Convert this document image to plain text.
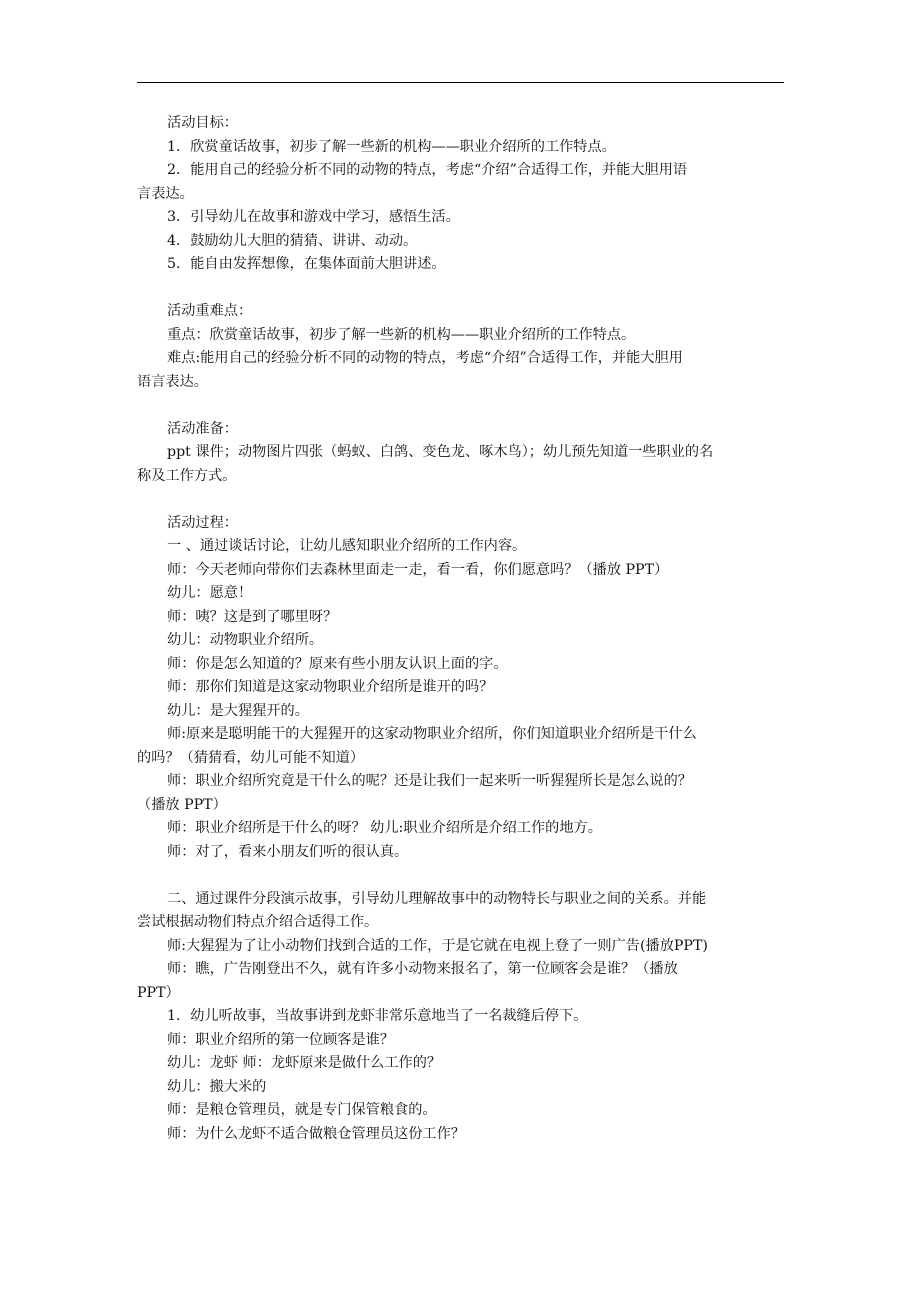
活动目标：

1．欣赏童话故事，初步了解一些新的机构——职业介绍所的工作特点。

2．能用自己的经验分析不同的动物的特点，考虑“介绍”合适得工作，并能大胆用语

言表达。

3．引导幼儿在故事和游戏中学习，感悟生活。

4．鼓励幼儿大胆的猜猜、讲讲、动动。

5．能自由发挥想像，在集体面前大胆讲述。

活动重难点：

重点：欣赏童话故事，初步了解一些新的机构——职业介绍所的工作特点。

难点:能用自己的经验分析不同的动物的特点，考虑“介绍”合适得工作，并能大胆用

语言表达。

活动准备：

ppt 课件；动物图片四张（蚂蚁、白鸽、变色龙、啄木鸟）；幼儿预先知道一些职业的名

称及工作方式。

活动过程：

一 、通过谈话讨论，让幼儿感知职业介绍所的工作内容。

师：今天老师向带你们去森林里面走一走，看一看，你们愿意吗？（播放 PPT）

幼儿：愿意！

师：咦？这是到了哪里呀？

幼儿：动物职业介绍所。

师：你是怎么知道的？原来有些小朋友认识上面的字。

师：那你们知道是这家动物职业介绍所是谁开的吗？

幼儿：是大猩猩开的。

师:原来是聪明能干的大猩猩开的这家动物职业介绍所，你们知道职业介绍所是干什么

的吗？（猜猜看，幼儿可能不知道）

师：职业介绍所究竟是干什么的呢？还是让我们一起来听一听猩猩所长是怎么说的？

（播放 PPT）

师：职业介绍所是干什么的呀？ 幼儿:职业介绍所是介绍工作的地方。

师：对了，看来小朋友们听的很认真。

二、通过课件分段演示故事，引导幼儿理解故事中的动物特长与职业之间的关系。并能

尝试根据动物们特点介绍合适得工作。

师:大猩猩为了让小动物们找到合适的工作，于是它就在电视上登了一则广告(播放PPT)

师：瞧，广告刚登出不久，就有许多小动物来报名了，第一位顾客会是谁？（播放

PPT）

1．幼儿听故事，当故事讲到龙虾非常乐意地当了一名裁缝后停下。

师：职业介绍所的第一位顾客是谁？

幼儿：龙虾 师：龙虾原来是做什么工作的？

幼儿：搬大米的

师：是粮仓管理员，就是专门保管粮食的。

师：为什么龙虾不适合做粮仓管理员这份工作？
